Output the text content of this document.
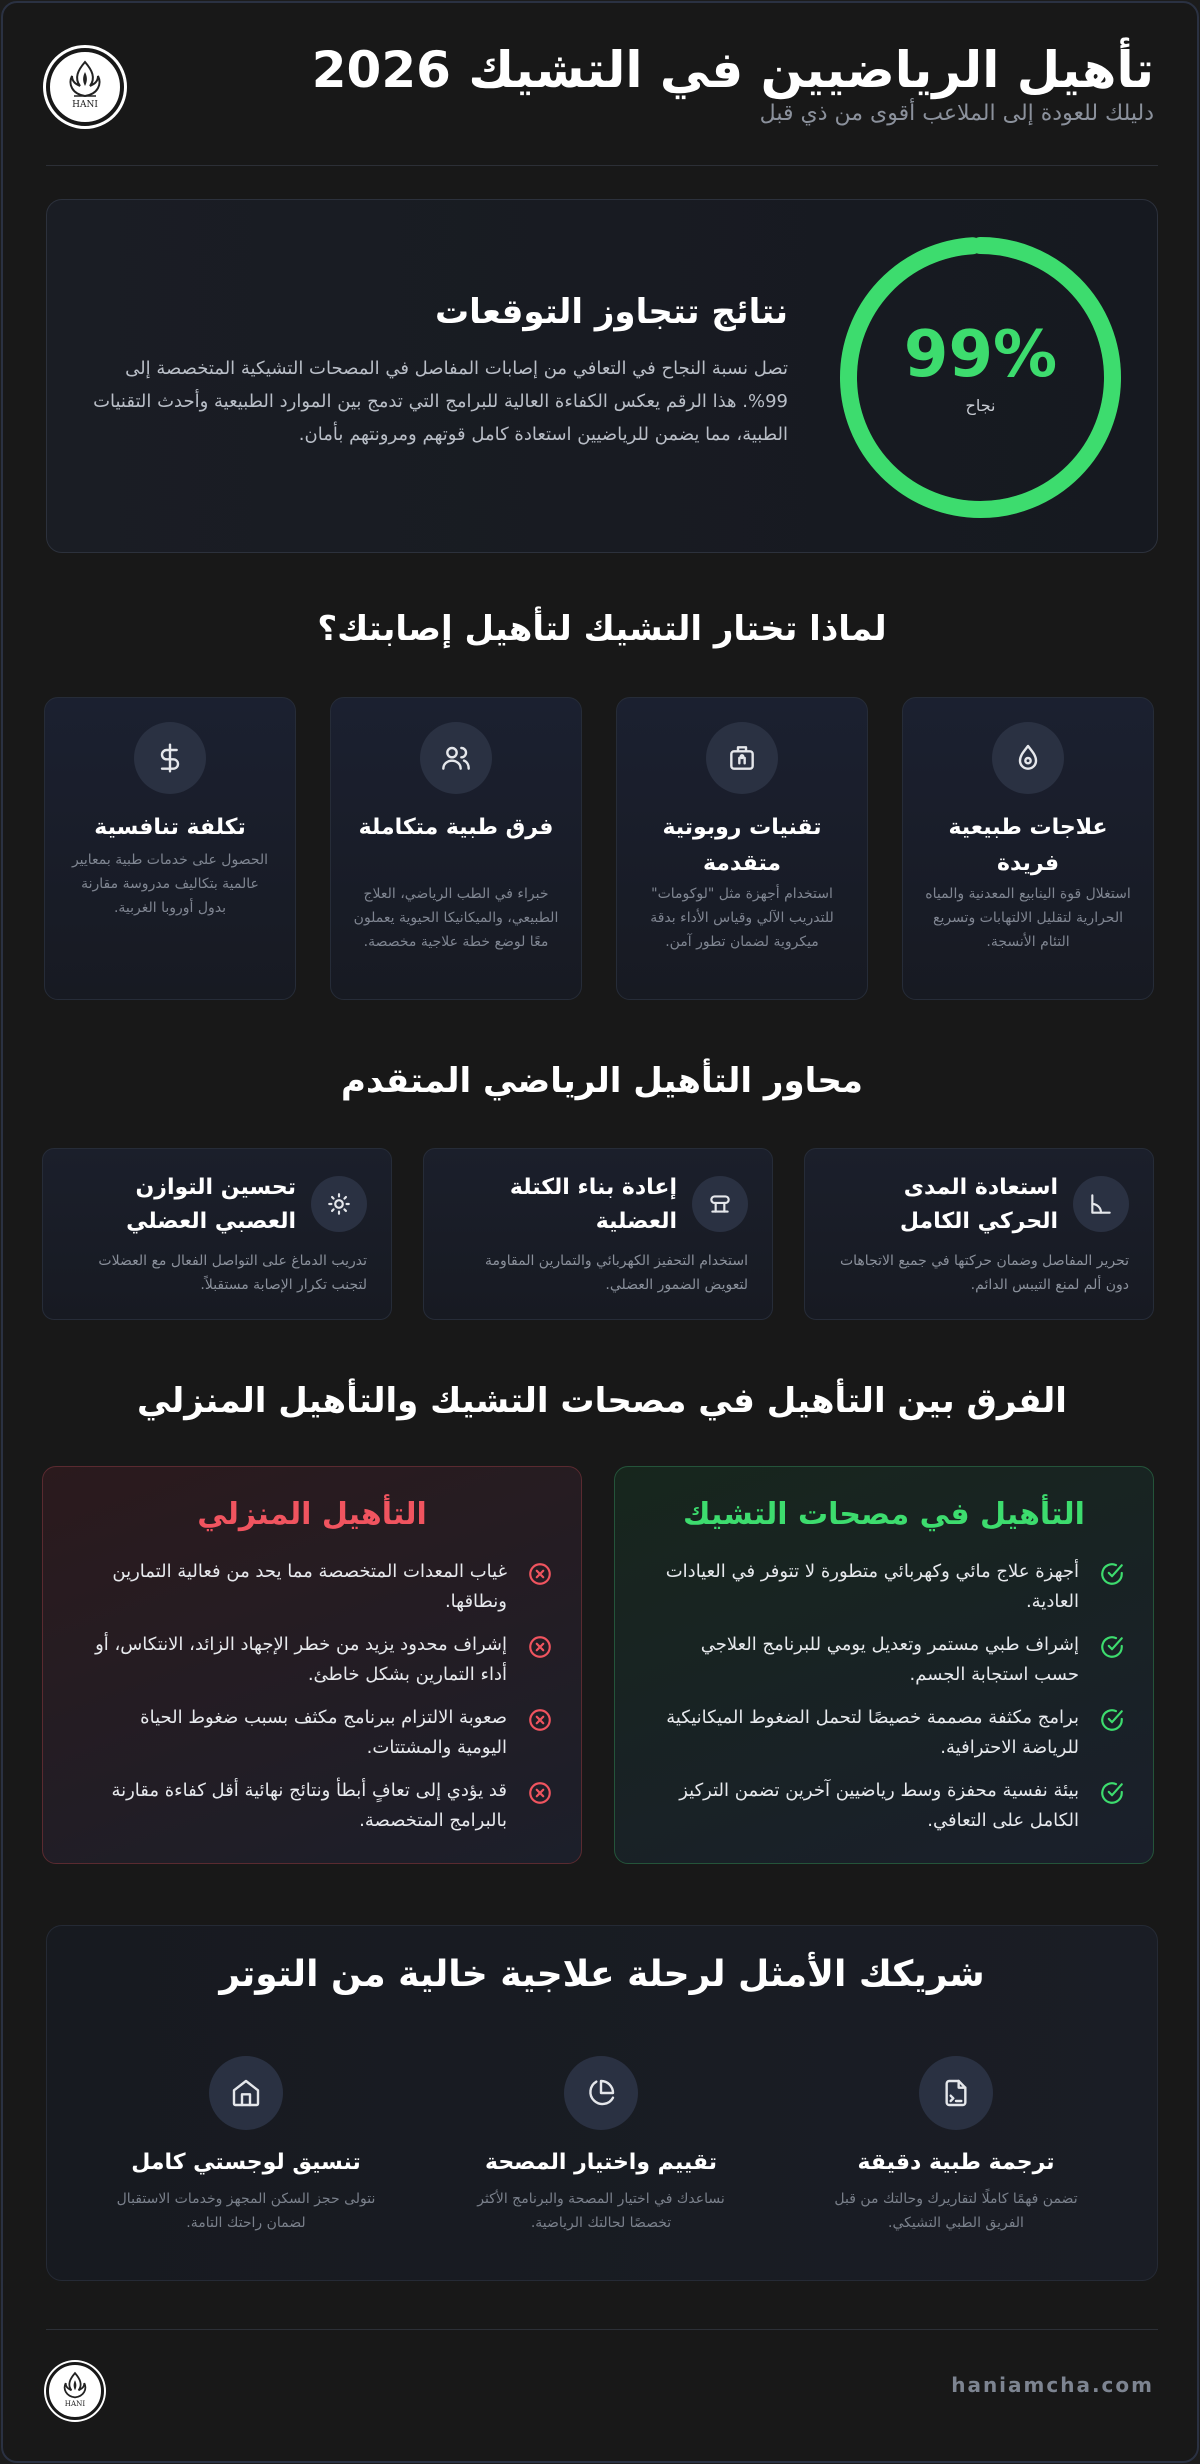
HANI
تأهيل الرياضيين في التشيك 2026
دليلك للعودة إلى الملاعب أقوى من ذي قبل
99%
نجاح
نتائج تتجاوز التوقعات
تصل نسبة النجاح في التعافي من إصابات المفاصل في المصحات التشيكية المتخصصة إلى 99%. هذا الرقم يعكس الكفاءة العالية للبرامج التي تدمج بين الموارد الطبيعية وأحدث التقنيات الطبية، مما يضمن للرياضيين استعادة كامل قوتهم ومرونتهم بأمان.
لماذا تختار التشيك لتأهيل إصابتك؟
علاجات طبيعية فريدة
استغلال قوة الينابيع المعدنية والمياه الحرارية لتقليل الالتهابات وتسريع التئام الأنسجة.
تقنيات روبوتية متقدمة
استخدام أجهزة مثل "لوكومات" للتدريب الآلي وقياس الأداء بدقة ميكروية لضمان تطور آمن.
فرق طبية متكاملة
خبراء في الطب الرياضي، العلاج الطبيعي، والميكانيكا الحيوية يعملون معًا لوضع خطة علاجية مخصصة.
تكلفة تنافسية
الحصول على خدمات طبية بمعايير عالمية بتكاليف مدروسة مقارنة بدول أوروبا الغربية.
محاور التأهيل الرياضي المتقدم
استعادة المدى الحركي الكامل
تحرير المفاصل وضمان حركتها في جميع الاتجاهات دون ألم لمنع التيبس الدائم.
إعادة بناء الكتلة العضلية
استخدام التحفيز الكهربائي والتمارين المقاومة لتعويض الضمور العضلي.
تحسين التوازن العصبي العضلي
تدريب الدماغ على التواصل الفعال مع العضلات لتجنب تكرار الإصابة مستقبلاً.
الفرق بين التأهيل في مصحات التشيك والتأهيل المنزلي
التأهيل في مصحات التشيك
أجهزة علاج مائي وكهربائي متطورة لا تتوفر في العيادات العادية.
إشراف طبي مستمر وتعديل يومي للبرنامج العلاجي حسب استجابة الجسم.
برامج مكثفة مصممة خصيصًا لتحمل الضغوط الميكانيكية للرياضة الاحترافية.
بيئة نفسية محفزة وسط رياضيين آخرين تضمن التركيز الكامل على التعافي.
التأهيل المنزلي
غياب المعدات المتخصصة مما يحد من فعالية التمارين ونطاقها.
إشراف محدود يزيد من خطر الإجهاد الزائد، الانتكاس، أو أداء التمارين بشكل خاطئ.
صعوبة الالتزام ببرنامج مكثف بسبب ضغوط الحياة اليومية والمشتتات.
قد يؤدي إلى تعافٍ أبطأ ونتائج نهائية أقل كفاءة مقارنة بالبرامج المتخصصة.
شريكك الأمثل لرحلة علاجية خالية من التوتر
ترجمة طبية دقيقة
تضمن فهمًا كاملًا لتقاريرك وحالتك من قبل الفريق الطبي التشيكي.
تقييم واختيار المصحة
نساعدك في اختيار المصحة والبرنامج الأكثر تخصصًا لحالتك الرياضية.
تنسيق لوجستي كامل
نتولى حجز السكن المجهز وخدمات الاستقبال لضمان راحتك التامة.
HANI
haniamcha.com
